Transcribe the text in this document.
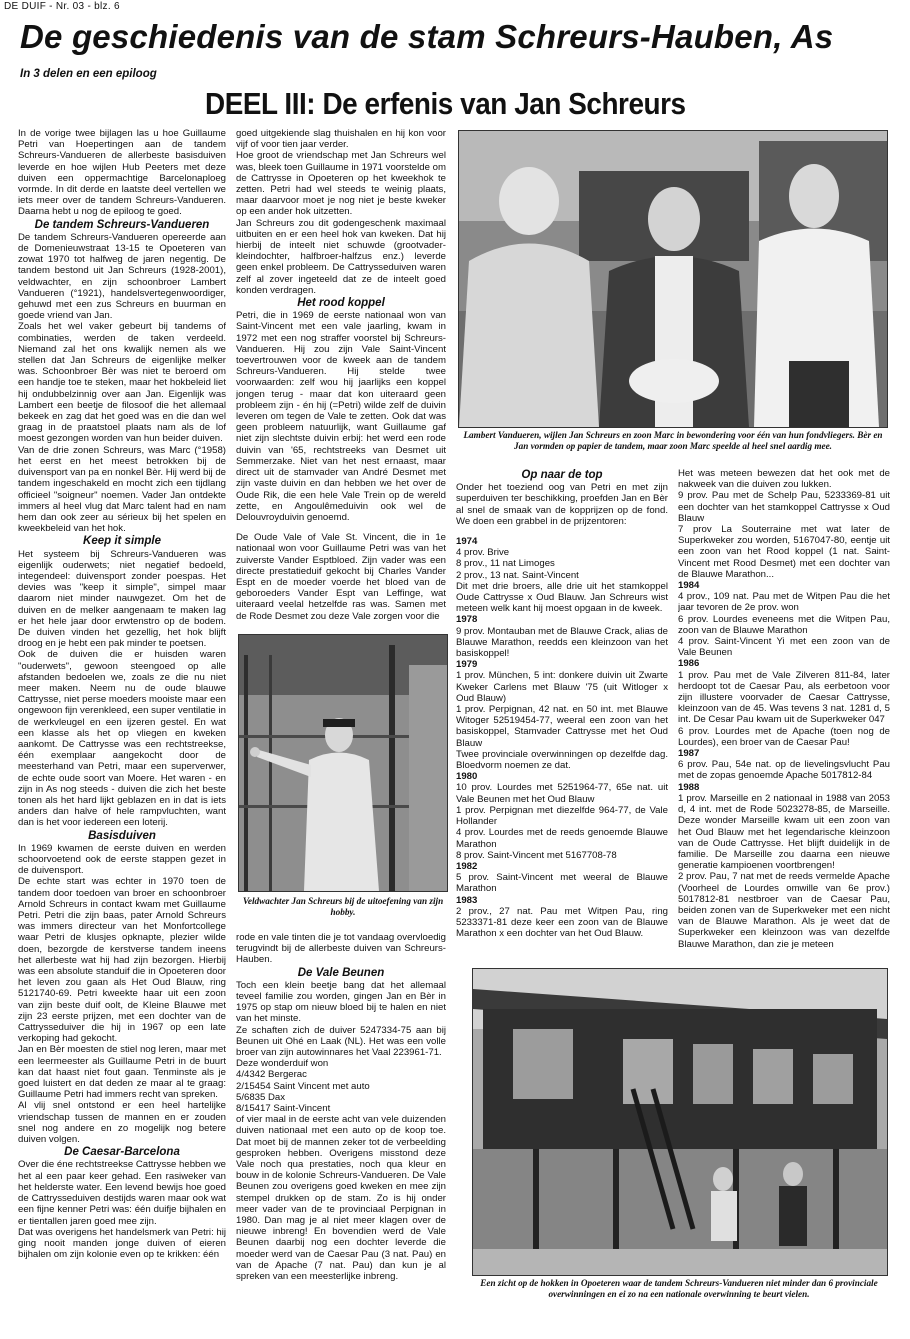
DE DUIF - Nr. 03 - blz. 6
De geschiedenis van de stam Schreurs-Hauben, As
In 3 delen en een epiloog
DEEL III: De erfenis van Jan Schreurs

In de vorige twee bijlagen las u hoe Guillaume Petri van Hoepertingen aan de tandem Schreurs-Vandueren de allerbeste basisduiven leverde en hoe wijlen Hub Peeters met deze duiven een oppermachtige Barcelonaploeg vormde. In dit derde en laatste deel vertellen we iets meer over de tandem Schreurs-Vandueren. Daarna hebt u nog de epiloog te goed.

De tandem Schreurs-Vandueren

De tandem Schreurs-Vandueren opereerde aan de Domenieuwstraat 13-15 te Opoeteren van zowat 1970 tot halfweg de jaren negentig. De tandem bestond uit Jan Schreurs (1928-2001), veldwachter, en zijn schoonbroer Lambert Vandueren (°1921), handelsvertegenwoordiger, gehuwd met een zus Schreurs en buurman en goede vriend van Jan.

Zoals het wel vaker gebeurt bij tandems of combinaties, werden de taken verdeeld. Niemand zal het ons kwalijk nemen als we stellen dat Jan Schreurs de eigenlijke melker was. Schoonbroer Bèr was niet te beroerd om een handje toe te steken, maar het hokbeleid liet hij ondubbelzinnig over aan Jan. Eigenlijk was Lambert een beetje de filosoof die het allemaal bekeek en zag dat het goed was en die dan wel graag in de praatstoel plaats nam als de lof moest gezongen worden van hun beider duiven.

Van de drie zonen Schreurs, was Marc (°1958) het eerst en het meest betrokken bij de duivensport van pa en nonkel Bèr. Hij werd bij de tandem ingeschakeld en mocht zich een tijdlang officieel "soigneur" noemen. Vader Jan ontdekte immers al heel vlug dat Marc talent had en nam hem dan ook zeer au sérieux bij het spelen en kweekbeleid van het hok.

Keep it simple

Het systeem bij Schreurs-Vandueren was eigenlijk ouderwets; niet negatief bedoeld, integendeel: duivensport zonder poespas. Het devies was "keep it simple", simpel maar daarom niet minder nauwgezet. Om het de duiven en de melker aangenaam te maken lag er het hele jaar door erwtenstro op de bodem. De duiven vinden het gezellig, het hok blijft droog en je hebt een pak minder te poetsen.

Ook de duiven die er huisden waren "ouderwets", gewoon steengoed op alle afstanden bedoelen we, zoals ze die nu niet meer maken. Neem nu de oude blauwe Cattrysse, niet perse moeders mooiste maar een ongewoon fijn verenkleed, een super ventilatie in de werkvleugel en een ijzeren gestel. En wat een klasse als het op vliegen en kweken aankomt. De Cattrysse was een rechtstreekse, één exemplaar aangekocht door de meesterhand van Petri, maar een superverwer, de echte oude soort van Moere. Het waren - en zijn in As nog steeds - duiven die zich het beste tonen als het hard lijkt geblazen en in dat is iets anders dan halve of hele rampvluchten, want dan is het voor iedereen een loterij.

Basisduiven

In 1969 kwamen de eerste duiven en werden schoorvoetend ook de eerste stappen gezet in de duivensport.

De echte start was echter in 1970 toen de tandem door toedoen van broer en schoonbroer Arnold Schreurs in contact kwam met Guillaume Petri. Petri die zijn baas, pater Arnold Schreurs was immers directeur van het Monfortcollege waar Petri de klusjes opknapte, plezier wilde doen, bezorgde de kerstverse tandem ineens het allerbeste wat hij had zijn bezorgen. Hierbij was een absolute standuif die in Opoeteren door het leven zou gaan als Het Oud Blauw, ring 5121740-69. Petri kweekte haar uit een zoon van zijn beste duif oolt, de Kleine Blauwe met zijn 23 eerste prijzen, met een dochter van de Cattrysseduiver die hij in 1967 op een late verkoping had gekocht.

Jan en Bèr moesten de stiel nog leren, maar met een leermeester als Guillaume Petri in de buurt kan dat haast niet fout gaan. Tenminste als je goed luistert en dat deden ze maar al te graag: Guillaume Petri had immers recht van spreken.

Al vlij snel ontstond er een heel hartelijke vriendschap tussen de mannen en er zouden snel nog andere en zo mogelijk nog betere duiven volgen.

De Caesar-Barcelona

Over die éne rechtstreekse Cattrysse hebben we het al een paar keer gehad. Een rasiweker van het helderste water. Een levend bewijs hoe goed de Cattrysseduiven destijds waren maar ook wat een fijne kenner Petri was: één duifje bijhalen en er tientallen jaren goed mee zijn.

Dat was overigens het handelsmerk van Petri: hij ging nooit manden jonge duiven of eieren bijhalen om zijn kolonie even op te krikken: één

goed uitgekiende slag thuishalen en hij kon voor vijf of voor tien jaar verder.

Hoe groot de vriendschap met Jan Schreurs wel was, bleek toen Guillaume in 1971 voorstelde om de Cattrysse in Opoeteren op het kweekhok te zetten. Petri had wel steeds te weinig plaats, maar daarvoor moet je nog niet je beste kweker op een ander hok uitzetten.

Jan Schreurs zou dit godengeschenk maximaal uitbuiten en er een heel hok van kweken. Dat hij hierbij de inteelt niet schuwde (grootvader-kleindochter, halfbroer-halfzus enz.) leverde geen enkel probleem. De Cattrysseduiven waren zelf al zover ingeteeld dat ze de inteelt goed konden verdragen.

Het rood koppel

Petri, die in 1969 de eerste nationaal won van Saint-Vincent met een vale jaarling, kwam in 1972 met een nog straffer voorstel bij Schreurs-Vandueren. Hij zou zijn Vale Saint-Vincent toevertrouwen voor de kweek aan de tandem Schreurs-Vandueren. Hij stelde twee voorwaarden: zelf wou hij jaarlijks een koppel jongen terug - maar dat kon uiteraard geen probleem zijn - én hij (=Petri) wilde zelf de duivin leveren om tegen de Vale te zetten. Ook dat was geen probleem natuurlijk, want Guillaume gaf niet zijn slechtste duivin erbij: het werd een rode duivin van '65, rechtstreeks van Desmet uit Semmerzake. Niet van het nest ernaast, maar direct uit de stamvader van André Desmet met zijn vaste duivin en dan hebben we het over de Oude Rik, die een hele Vale Trein op de wereld zette, en Angoulêmeduivin ook wel de Delouvroyduivin genoemd.

De Oude Vale of Vale St. Vincent, die in 1e nationaal won voor Guillaume Petri was van het zuiverste Vander Esptbloed. Zijn vader was een directe prestatieduif gekocht bij Charles Vander Espt en de moeder voerde het bloed van de geboroeders Vander Espt van Leffinge, wat uiteraard veelal hetzelfde ras was. Samen met de Rode Desmet zou deze Vale zorgen voor die

Veldwachter Jan Schreurs bij de uitoefening van zijn hobby.

rode en vale tinten die je tot vandaag overvloedig terugvindt bij de allerbeste duiven van Schreurs-Hauben.

De Vale Beunen

Toch een klein beetje bang dat het allemaal teveel familie zou worden, gingen Jan en Bèr in 1975 op stap om nieuw bloed bij te halen en niet van het minste.

Ze schaften zich de duiver 5247334-75 aan bij Beunen uit Ohé en Laak (NL). Het was een volle broer van zijn autowinnares het Vaal 223961-71.

Deze wonderduif won

4/4342 Bergerac

2/15454 Saint Vincent met auto

5/6835 Dax

8/15417 Saint-Vincent

of vier maal in de eerste acht van vele duizenden duiven nationaal met een auto op de koop toe. Dat moet bij de mannen zeker tot de verbeelding gesproken hebben. Overigens misstond deze Vale noch qua prestaties, noch qua kleur en bouw in de kolonie Schreurs-Vandueren. De Vale Beunen zou overigens goed kweken en mee zijn stempel drukken op de stam. Zo is hij onder meer vader van de te provinciaal Perpignan in 1980. Dan mag je al niet meer klagen over de nieuwe inbreng! En bovendien werd de Vale Beunen daarbij nog een dochter leverde die moeder werd van de Caesar Pau (3 nat. Pau) en van de Apache (7 nat. Pau) dan kun je al spreken van een meesterlijke inbreng.

Lambert Vandueren, wijlen Jan Schreurs en zoon Marc in bewondering voor één van hun fondvliegers. Bèr en Jan vormden op papier de tandem, maar zoon Marc speelde al heel snel aardig mee.
Op naar de top

Onder het toeziend oog van Petri en met zijn superduiven ter beschikking, proefden Jan en Bèr al snel de smaak van de kopprijzen op de fond. We doen een grabbel in de prijzentoren:

1974

4 prov. Brive
8 prov., 11 nat Limoges
2 prov., 13 nat. Saint-Vincent
Dit met drie broers, alle drie uit het stamkoppel Oude Cattrysse x Oud Blauw. Jan Schreurs wist meteen welk kant hij moest opgaan in de kweek.

1978

9 prov. Montauban met de Blauwe Crack, alias de Blauwe Marathon, reedds een kleinzoon van het basiskoppel!

1979

1 prov. München, 5 int: donkere duivin uit Zwarte Kweker Carlens met Blauw '75 (uit Witloger x Oud Blauw)
1 prov. Perpignan, 42 nat. en 50 int. met Blauwe Witoger 52519454-77, weeral een zoon van het basiskoppel, Stamvader Cattrysse met het Oud Blauw
Twee provinciale overwinningen op dezelfde dag. Bloedvorm noemen ze dat.

1980

10 prov. Lourdes met 5251964-77, 65e nat. uit Vale Beunen met het Oud Blauw
1 prov. Perpignan met diezelfde 964-77, de Vale Hollander
4 prov. Lourdes met de reeds genoemde Blauwe Marathon
8 prov. Saint-Vincent met 5167708-78

1982

5 prov. Saint-Vincent met weeral de Blauwe Marathon

1983

2 prov., 27 nat. Pau met Witpen Pau, ring 5233371-81 deze keer een zoon van de Blauwe Marathon x een dochter van het Oud Blauw.

Het was meteen bewezen dat het ook met de nakweek van die duiven zou lukken.
9 prov. Pau met de Schelp Pau, 5233369-81 uit een dochter van het stamkoppel Cattrysse x Oud Blauw
7 prov La Souterraine met wat later de Superkweker zou worden, 5167047-80, eentje uit een zoon van het Rood koppel (1 nat. Saint-Vincent met Rood Desmet) met een dochter van de Blauwe Marathon...

1984

4 prov., 109 nat. Pau met de Witpen Pau die het jaar tevoren de 2e prov. won
6 prov. Lourdes eveneens met die Witpen Pau, zoon van de Blauwe Marathon
4 prov. Saint-Vincent Yi met een zoon van de Vale Beunen

1986

1 prov. Pau met de Vale Zilveren 811-84, later herdoopt tot de Caesar Pau, als eerbetoon voor zijn illustere voorvader de Caesar Cattrysse, kleinzoon van de 45. Was tevens 3 nat. 1281 d, 5 int. De Cesar Pau kwam uit de Superkweker 047
6 prov. Lourdes met de Apache (toen nog de Lourdes), een broer van de Caesar Pau!

1987

6 prov. Pau, 54e nat. op de lievelingsvlucht Pau met de zopas genoemde Apache 5017812-84

1988

1 prov. Marseille en 2 nationaal in 1988 van 2053 d, 4 int. met de Rode 5023278-85, de Marseille. Deze wonder Marseille kwam uit een zoon van het Oud Blauw met het legendarische kleinzoon van de Oude Cattrysse. Het blijft duidelijk in de familie. De Marseille zou daarna een nieuwe generatie kampioenen voortbrengen!
2 prov. Pau, 7 nat met de reeds vermelde Apache (Voorheel de Lourdes omwille van 6e prov.) 5017812-81 nestbroer van de Caesar Pau, beiden zonen van de Superkweker met een nicht van de Blauwe Marathon. Als je weet dat de Superkweker een kleinzoon was van dezelfde Blauwe Marathon, dan zie je meteen

Een zicht op de hokken in Opoeteren waar de tandem Schreurs-Vandueren niet minder dan 6 provinciale overwinningen en ei zo na een nationale overwinning te beurt vielen.
